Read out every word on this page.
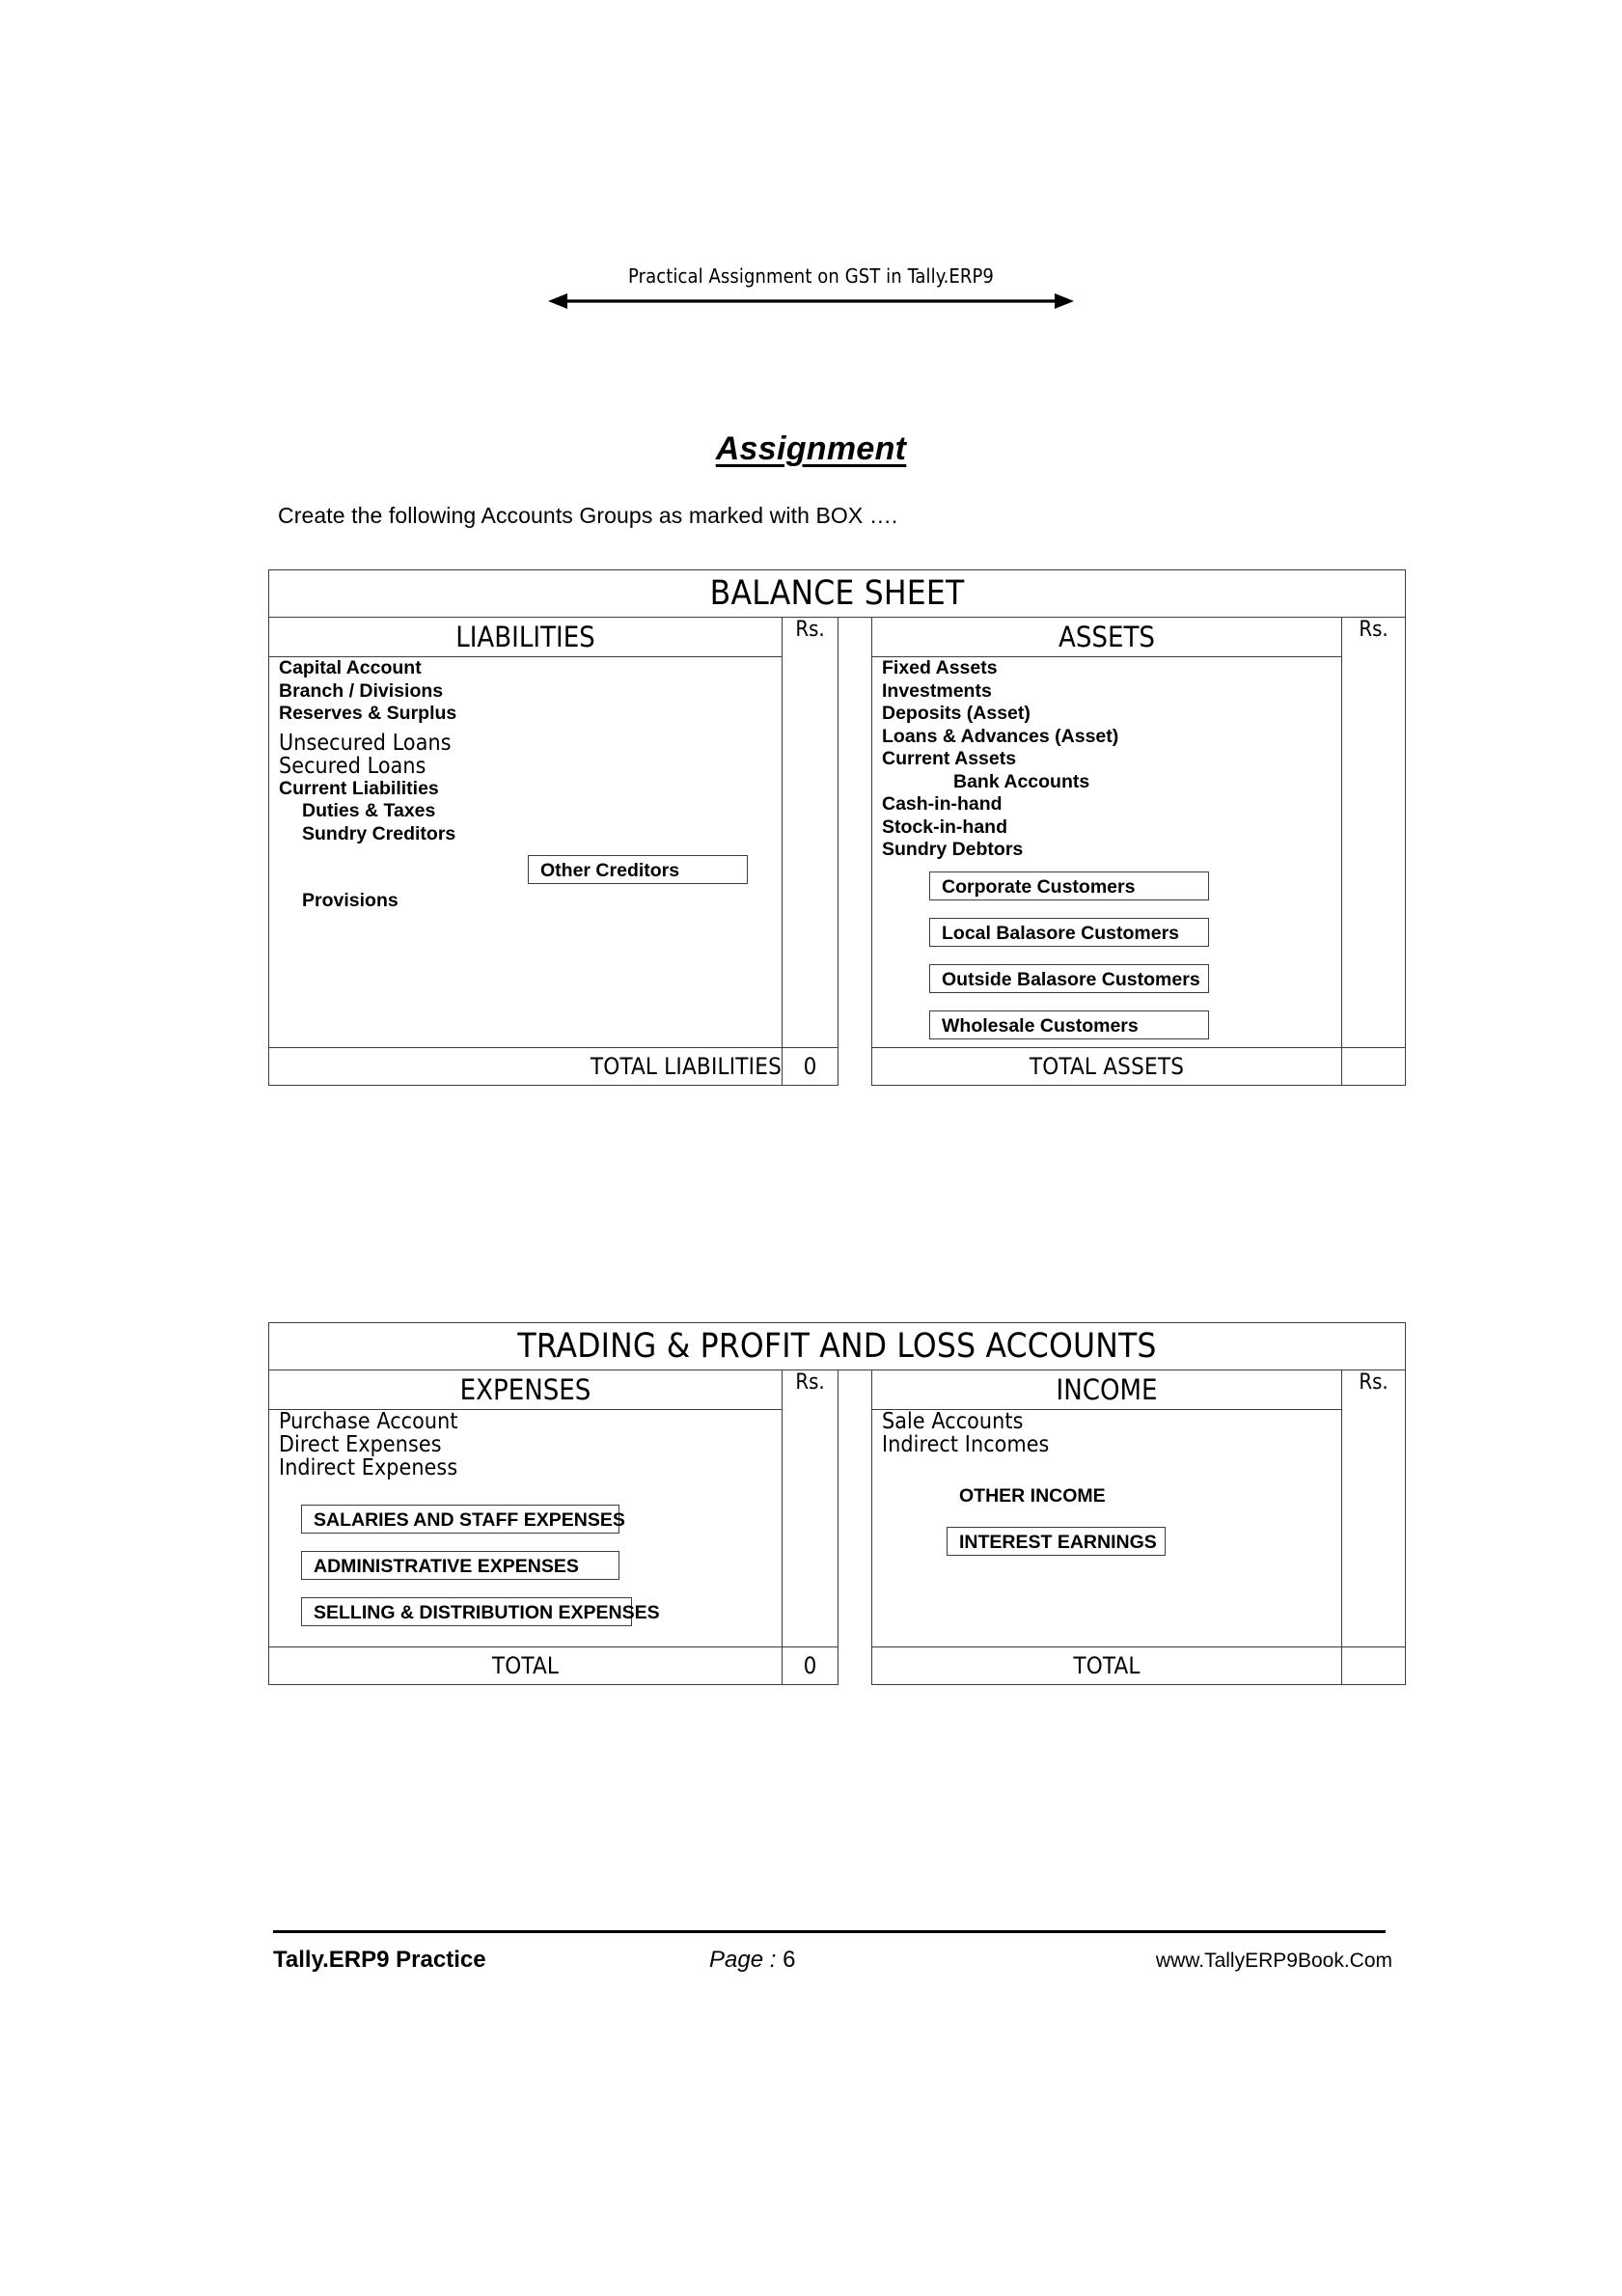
Practical Assignment on GST in Tally.ERP9
Assignment
Create the following Accounts Groups as marked with BOX ….
BALANCE SHEET				
LIABILITIES	Rs.		ASSETS	Rs.

Capital Account
Branch / Divisions
Reserves & Surplus
Unsecured Loans
Secured Loans
Current Liabilities
Duties & Taxes
Sundry Creditors
Other Creditors
Provisions

Fixed Assets
Investments
Deposits (Asset)
Loans & Advances (Asset)
Current Assets
Bank Accounts
Cash-in-hand
Stock-in-hand
Sundry Debtors
Corporate Customers
Local Balasore Customers
Outside Balasore Customers
Wholesale Customers

TOTAL LIABILITIES	0		TOTAL ASSETS	
TRADING & PROFIT AND LOSS ACCOUNTS				
EXPENSES	Rs.		INCOME	Rs.

Purchase Account
Direct Expenses
Indirect Expeness
SALARIES AND STAFF EXPENSES
ADMINISTRATIVE EXPENSES
SELLING & DISTRIBUTION EXPENSES

Sale Accounts
Indirect Incomes
OTHER INCOME
INTEREST EARNINGS

TOTAL	0		TOTAL	
Tally.ERP9 Practice	Page : 6	www.TallyERP9Book.Com
